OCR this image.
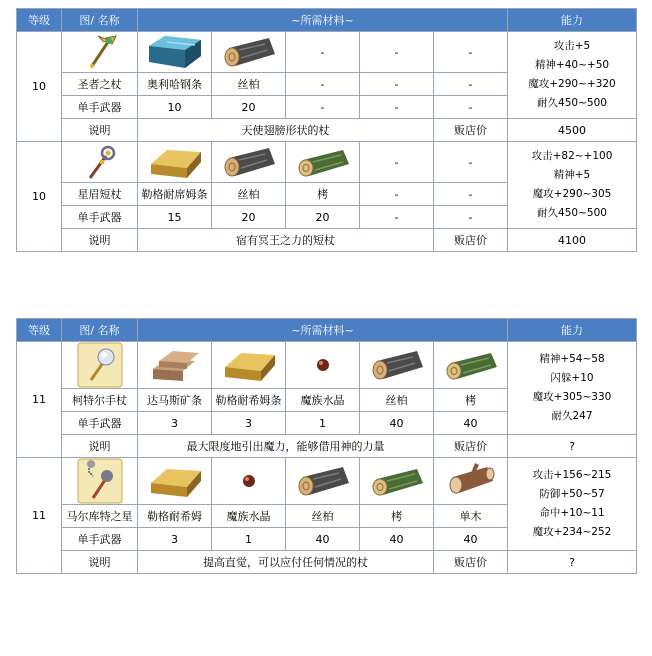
等级	图/ 名称	~所需材料~					能力
10				-	-	-	攻击+5
精神+40~+50
魔攻+290~+320
耐久450~500

	圣者之杖	奥利哈钢条	丝柏	-	-	-	
	单手武器	10	20	-	-	-	
	说明	天使翅膀形状的杖				贩店价	4500
10					-	-	攻击+82~+100
精神+5
魔攻+290~305
耐久450~500

	星眉短杖	勒格耐席姆条	丝柏	栲	-	-	
	单手武器	15	20	20	-	-	
	说明	宿有冥王之力的短杖				贩店价	4100
等级	图/ 名称	~所需材料~					能力
11							精神+54~58
闪躲+10
魔攻+305~330
耐久247

	柯特尔手杖	达马斯矿条	勒格耐希姆条	魔族水晶	丝柏	栲	
	单手武器	3	3	1	40	40	
	说明	最大限度地引出魔力，能够借用神的力量				贩店价	?
11							攻击+156~215
防御+50~57
命中+10~11
魔攻+234~252

	马尔库特之星	勒格耐希姆	魔族水晶	丝柏	栲	单木	
	单手武器	3	1	40	40	40	
	说明	提高直觉，可以应付任何情况的杖				贩店价	?
